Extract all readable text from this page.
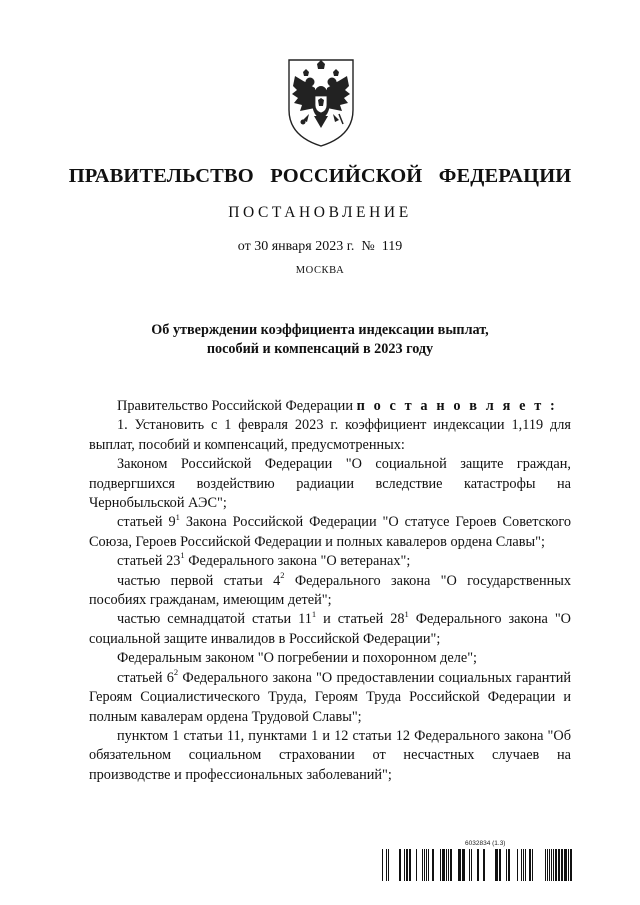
ПРАВИТЕЛЬСТВО  РОССИЙСКОЙ  ФЕДЕРАЦИИ
ПОСТАНОВЛЕНИЕ
от 30 января 2023 г.  №  119
МОСКВА
Об утверждении коэффициента индексации выплат,
пособий и компенсаций в 2023 году

Правительство Российской Федерации п о с т а н о в л я е т :

1. Установить с 1 февраля 2023 г. коэффициент индексации 1,119 для выплат, пособий и компенсаций, предусмотренных:

Законом Российской Федерации "О социальной защите граждан, подвергшихся воздействию радиации вследствие катастрофы на Чернобыльской АЭС";

статьей $9^1$ Закона Российской Федерации "О статусе Героев Советского Союза, Героев Российской Федерации и полных кавалеров ордена Славы";

статьей $23^1$ Федерального закона "О ветеранах";

частью первой статьи $4^2$ Федерального закона "О государственных пособиях гражданам, имеющим детей";

частью семнадцатой статьи $11^1$ и статьей $28^1$ Федерального закона "О социальной защите инвалидов в Российской Федерации";

Федеральным законом "О погребении и похоронном деле";

статьей $6^2$ Федерального закона "О предоставлении социальных гарантий Героям Социалистического Труда, Героям Труда Российской Федерации и полным кавалерам ордена Трудовой Славы";

пунктом 1 статьи 11, пунктами 1 и 12 статьи 12 Федерального закона "Об обязательном социальном страховании от несчастных случаев на производстве и профессиональных заболеваний";

6032834 (1.3)
